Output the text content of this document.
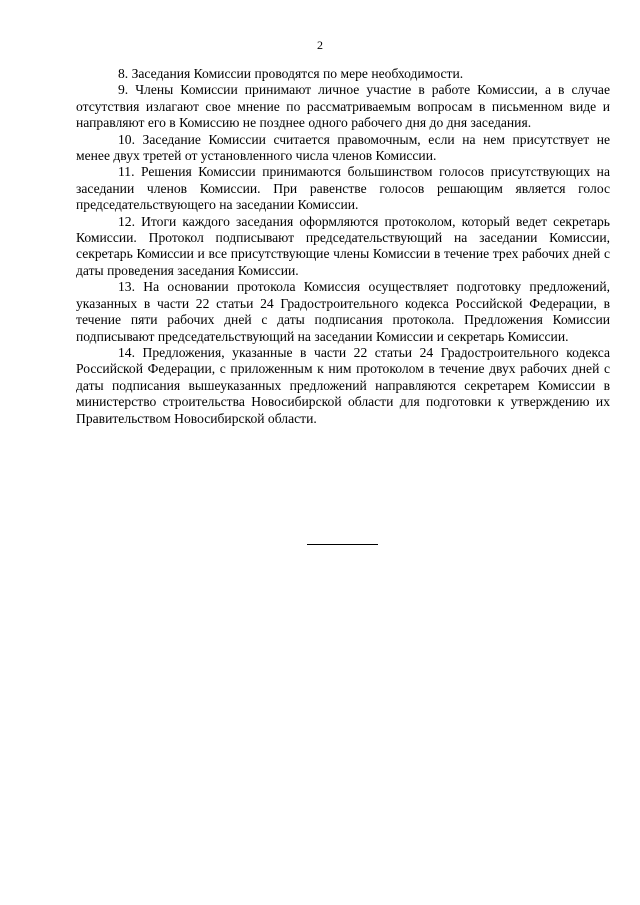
2

8. Заседания Комиссии проводятся по мере необходимости.

9. Члены Комиссии принимают личное участие в работе Комиссии, а в случае отсутствия излагают свое мнение по рассматриваемым вопросам в письменном виде и направляют его в Комиссию не позднее одного рабочего дня до дня заседания.

10. Заседание Комиссии считается правомочным, если на нем присутствует не менее двух третей от установленного числа членов Комиссии.

11. Решения Комиссии принимаются большинством голосов присутствующих на заседании членов Комиссии. При равенстве голосов решающим является голос председательствующего на заседании Комиссии.

12. Итоги каждого заседания оформляются протоколом, который ведет секретарь Комиссии. Протокол подписывают председательствующий на заседании Комиссии, секретарь Комиссии и все присутствующие члены Комиссии в течение трех рабочих дней с даты проведения заседания Комиссии.

13. На основании протокола Комиссия осуществляет подготовку предложений, указанных в части 22 статьи 24 Градостроительного кодекса Российской Федерации, в течение пяти рабочих дней с даты подписания протокола. Предложения Комиссии подписывают председательствующий на заседании Комиссии и секретарь Комиссии.

14. Предложения, указанные в части 22 статьи 24 Градостроительного кодекса Российской Федерации, с приложенным к ним протоколом в течение двух рабочих дней с даты подписания вышеуказанных предложений направляются секретарем Комиссии в министерство строительства Новосибирской области для подготовки к утверждению их Правительством Новосибирской области.
